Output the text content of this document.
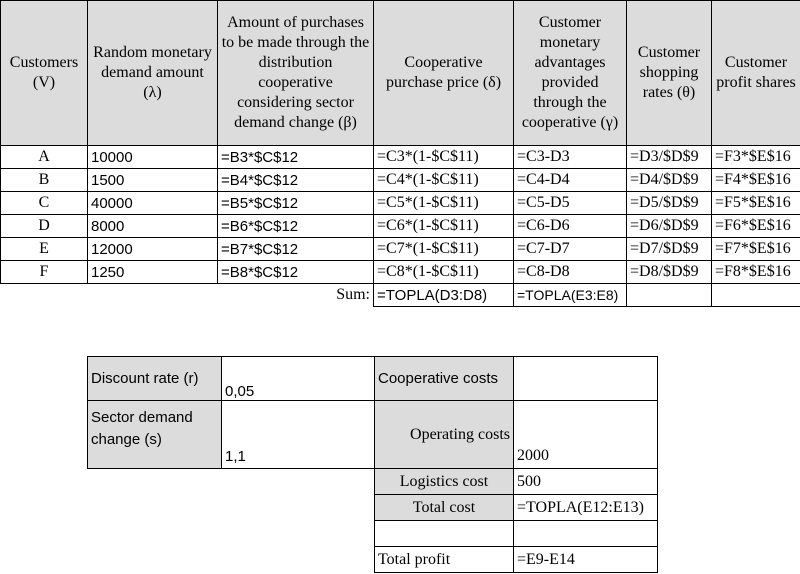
Customers (V)	Random monetary demand amount (λ)	Amount of purchases to be made through the distribution cooperative considering sector demand change (β)	Cooperative purchase price (δ)	Customer monetary advantages provided through the cooperative (γ)	Customer shopping rates (θ)	Customer profit shares
A	10000	=B3*$C$12	=C3*(1-$C$11)	=C3-D3	=D3/$D$9	=F3*$E$16
B	1500	=B4*$C$12	=C4*(1-$C$11)	=C4-D4	=D4/$D$9	=F4*$E$16
C	40000	=B5*$C$12	=C5*(1-$C$11)	=C5-D5	=D5/$D$9	=F5*$E$16
D	8000	=B6*$C$12	=C6*(1-$C$11)	=C6-D6	=D6/$D$9	=F6*$E$16
E	12000	=B7*$C$12	=C7*(1-$C$11)	=C7-D7	=D7/$D$9	=F7*$E$16
F	1250	=B8*$C$12	=C8*(1-$C$11)	=C8-D8	=D8/$D$9	=F8*$E$16
Sum:			=TOPLA(D3:D8)	=TOPLA(E3:E8)		
Discount rate (r)	0,05	Cooperative costs	
Sector demand change (s)	1,1	Operating costs	2000
		Logistics cost	500
		Total cost	=TOPLA(E12:E13)

		Total profit	=E9-E14
